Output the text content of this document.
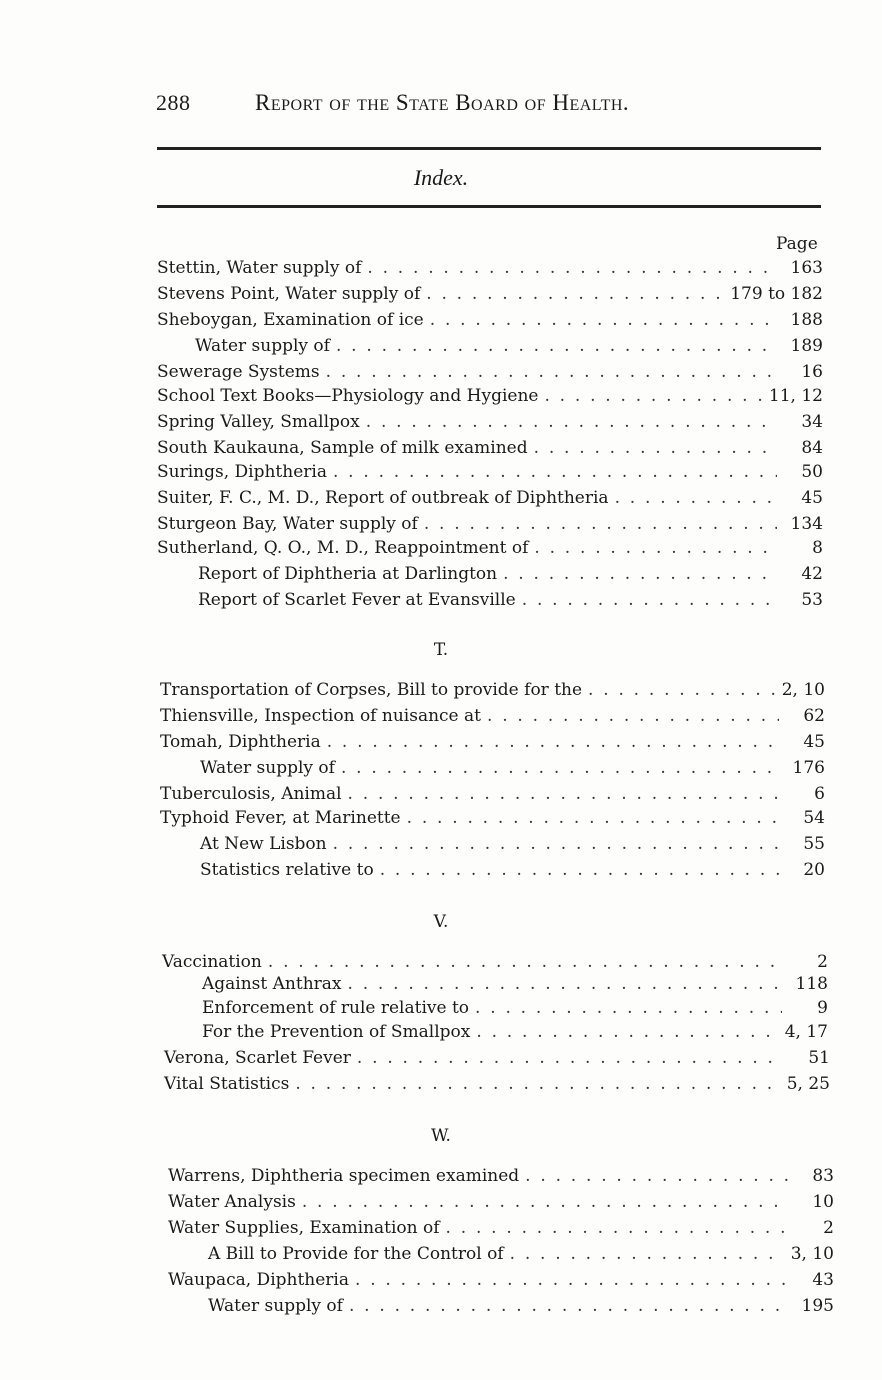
288	Report of the State Board of Health.
Index.
Page
Stettin, Water supply of . . .	163
Stevens Point, Water supply of . . .	179 to 182
Sheboygan, Examination of ice . . .	188
Water supply of . . .	189
Sewerage Systems . . .	16
School Text Books—Physiology and Hygiene . . .	11, 12
Spring Valley, Smallpox . . .	34
South Kaukauna, Sample of milk examined . . .	84
Surings, Diphtheria . . .	50
Suiter, F. C., M. D., Report of outbreak of Diphtheria . . .	45
Sturgeon Bay, Water supply of . . .	134
Sutherland, Q. O., M. D., Reappointment of . . .	8
Report of Diphtheria at Darlington . . .	42
Report of Scarlet Fever at Evansville . . .	53
T.
Transportation of Corpses, Bill to provide for the . . .	2, 10
Thiensville, Inspection of nuisance at . . .	62
Tomah, Diphtheria . . .	45
Water supply of . . .	176
Tuberculosis, Animal . . .	6
Typhoid Fever, at Marinette . . .	54
At New Lisbon . . .	55
Statistics relative to . . .	20
V.
Vaccination . . .	2
Against Anthrax . . .	118
Enforcement of rule relative to . . .	9
For the Prevention of Smallpox . . .	4, 17
Verona, Scarlet Fever . . .	51
Vital Statistics . . .	5, 25
W.
Warrens, Diphtheria specimen examined . . .	83
Water Analysis . . .	10
Water Supplies, Examination of . . .	2
A Bill to Provide for the Control of . . .	3, 10
Waupaca, Diphtheria . . .	43
Water supply of . . .	195
